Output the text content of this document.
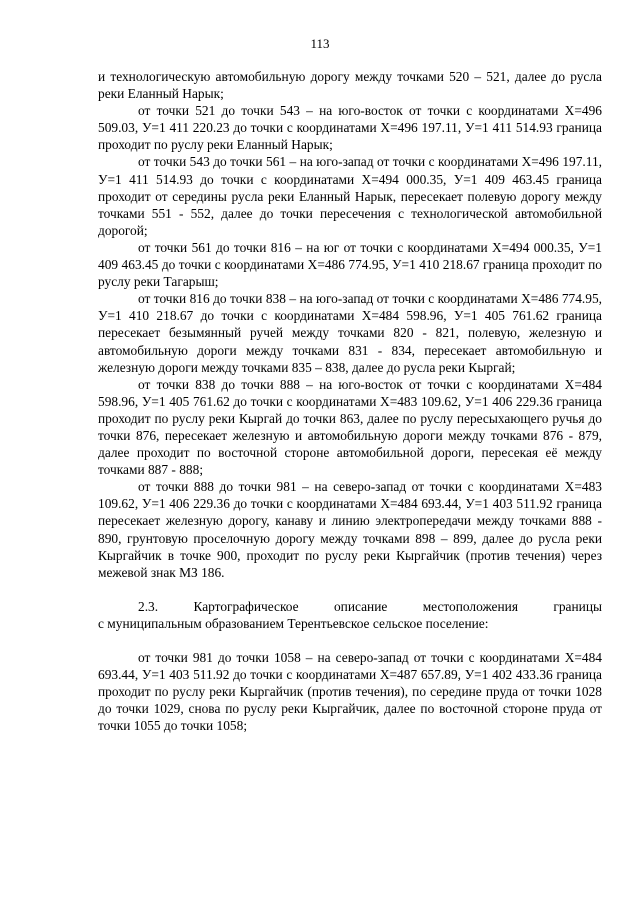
113

и технологическую автомобильную дорогу между точками 520 – 521, далее до русла реки Еланный Нарык;

от точки 521 до точки 543 – на юго-восток от точки с координатами X=496 509.03, У=1 411 220.23 до точки с координатами X=496 197.11, У=1 411 514.93 граница проходит по руслу реки Еланный Нарык;

от точки 543 до точки 561 – на юго-запад от точки с координатами X=496 197.11, У=1 411 514.93 до точки с координатами X=494 000.35, У=1 409 463.45 граница проходит от середины русла реки Еланный Нарык, пересекает полевую дорогу между точками 551 - 552, далее до точки пересечения с технологической автомобильной дорогой;

от точки 561 до точки 816 – на юг от точки с координатами X=494 000.35, У=1 409 463.45 до точки с координатами X=486 774.95, У=1 410 218.67 граница проходит по руслу реки Тагарыш;

от точки 816 до точки 838 – на юго-запад от точки с координатами X=486 774.95, У=1 410 218.67 до точки с координатами X=484 598.96, У=1 405 761.62 граница пересекает безымянный ручей между точками 820 - 821, полевую, железную и автомобильную дороги между точками 831 - 834, пересекает автомобильную и железную дороги между точками 835 – 838, далее до русла реки Кыргай;

от точки 838 до точки 888 – на юго-восток от точки с координатами X=484 598.96, У=1 405 761.62 до точки с координатами X=483 109.62, У=1 406 229.36 граница проходит по руслу реки Кыргай до точки 863, далее по руслу пересыхающего ручья до точки 876, пересекает железную и автомобильную дороги между точками 876 - 879, далее проходит по восточной стороне автомобильной дороги, пересекая её между точками 887 - 888;

от точки 888 до точки 981 – на северо-запад от точки с координатами X=483 109.62, У=1 406 229.36 до точки с координатами X=484 693.44, У=1 403 511.92 граница пересекает железную дорогу, канаву и линию электропередачи между точками 888 - 890, грунтовую проселочную дорогу между точками 898 – 899, далее до русла реки Кыргайчик в точке 900, проходит по руслу реки Кыргайчик (против течения) через межевой знак МЗ 186.

2.3.	Картографическое	описание	местоположения	границы

с муниципальным образованием Терентьевское сельское поселение:

от точки 981 до точки 1058 – на северо-запад от точки с координатами X=484 693.44, У=1 403 511.92 до точки с координатами X=487 657.89, У=1 402 433.36 граница проходит по руслу реки Кыргайчик (против течения), по середине пруда от точки 1028 до точки 1029, снова по руслу реки Кыргайчик, далее по восточной стороне пруда от точки 1055 до точки 1058;
